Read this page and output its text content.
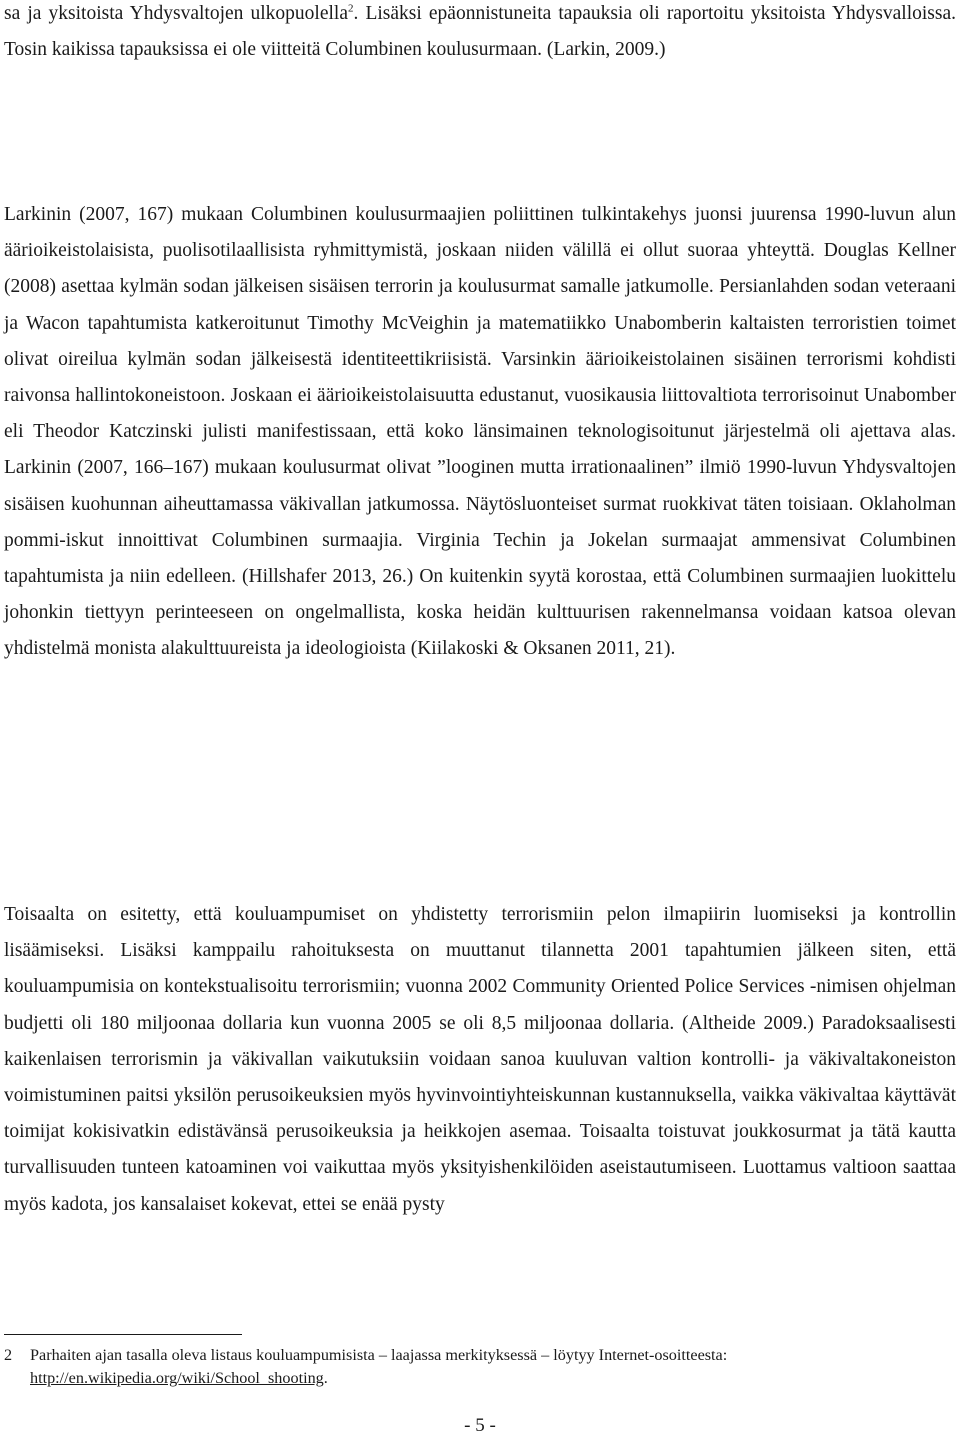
sa ja yksitoista Yhdysvaltojen ulkopuolella$^2$. Lisäksi epäonnistuneita tapauksia oli raportoitu yksitoista Yhdysvalloissa. Tosin kaikissa tapauksissa ei ole viitteitä Columbinen koulusurmaan. (Larkin, 2009.)

Larkinin (2007, 167) mukaan Columbinen koulusurmaajien poliittinen tulkintakehys juonsi juurensa 1990-luvun alun äärioikeistolaisista, puolisotilaallisista ryhmittymistä, joskaan niiden välillä ei ollut suoraa yhteyttä. Douglas Kellner (2008) asettaa kylmän sodan jälkeisen sisäisen terrorin ja koulusurmat samalle jatkumolle. Persianlahden sodan veteraani ja Wacon tapahtumista katkeroitunut Timothy McVeighin ja matematiikko Unabomberin kaltaisten terroristien toimet olivat oireilua kylmän sodan jälkeisestä identiteettikriisistä. Varsinkin äärioikeistolainen sisäinen terrorismi kohdisti raivonsa hallintokoneistoon. Joskaan ei äärioikeistolaisuutta edustanut, vuosikausia liittovaltiota terrorisoinut Unabomber eli Theodor Katczinski julisti manifestissaan, että koko länsimainen teknologisoitunut järjestelmä oli ajettava alas. Larkinin (2007, 166–167) mukaan koulusurmat olivat ”looginen mutta irrationaalinen” ilmiö 1990-luvun Yhdysvaltojen sisäisen kuohunnan aiheuttamassa väkivallan jatkumossa. Näytösluonteiset surmat ruokkivat täten toisiaan. Oklaholman pommi-iskut innoittivat Columbinen surmaajia. Virginia Techin ja Jokelan surmaajat ammensivat Columbinen tapahtumista ja niin edelleen. (Hillshafer 2013, 26.) On kuitenkin syytä korostaa, että Columbinen surmaajien luokittelu johonkin tiettyyn perinteeseen on ongelmallista, koska heidän kulttuurisen rakennelmansa voidaan katsoa olevan yhdistelmä monista alakulttuureista ja ideologioista (Kiilakoski & Oksanen 2011, 21).

Toisaalta on esitetty, että kouluampumiset on yhdistetty terrorismiin pelon ilmapiirin luomiseksi ja kontrollin lisäämiseksi. Lisäksi kamppailu rahoituksesta on muuttanut tilannetta 2001 tapahtumien jälkeen siten, että kouluampumisia on kontekstualisoitu terrorismiin; vuonna 2002 Community Oriented Police Services -nimisen ohjelman budjetti oli 180 miljoonaa dollaria kun vuonna 2005 se oli 8,5 miljoonaa dollaria. (Altheide 2009.) Paradoksaalisesti kaikenlaisen terrorismin ja väkivallan vaikutuksiin voidaan sanoa kuuluvan valtion kontrolli- ja väkivaltakoneiston voimistuminen paitsi yksilön perusoikeuksien myös hyvinvointiyhteiskunnan kustannuksella, vaikka väkivaltaa käyttävät toimijat kokisivatkin edistävänsä perusoikeuksia ja heikkojen asemaa. Toisaalta toistuvat joukkosurmat ja tätä kautta turvallisuuden tunteen katoaminen voi vaikuttaa myös yksityishenkilöiden aseistautumiseen. Luottamus valtioon saattaa myös kadota, jos kansalaiset kokevat, ettei se enää pysty

2 Parhaiten ajan tasalla oleva listaus kouluampumisista – laajassa merkityksessä – löytyy Internet-osoitteesta:
http://en.wikipedia.org/wiki/School_shooting.
- 5 -
